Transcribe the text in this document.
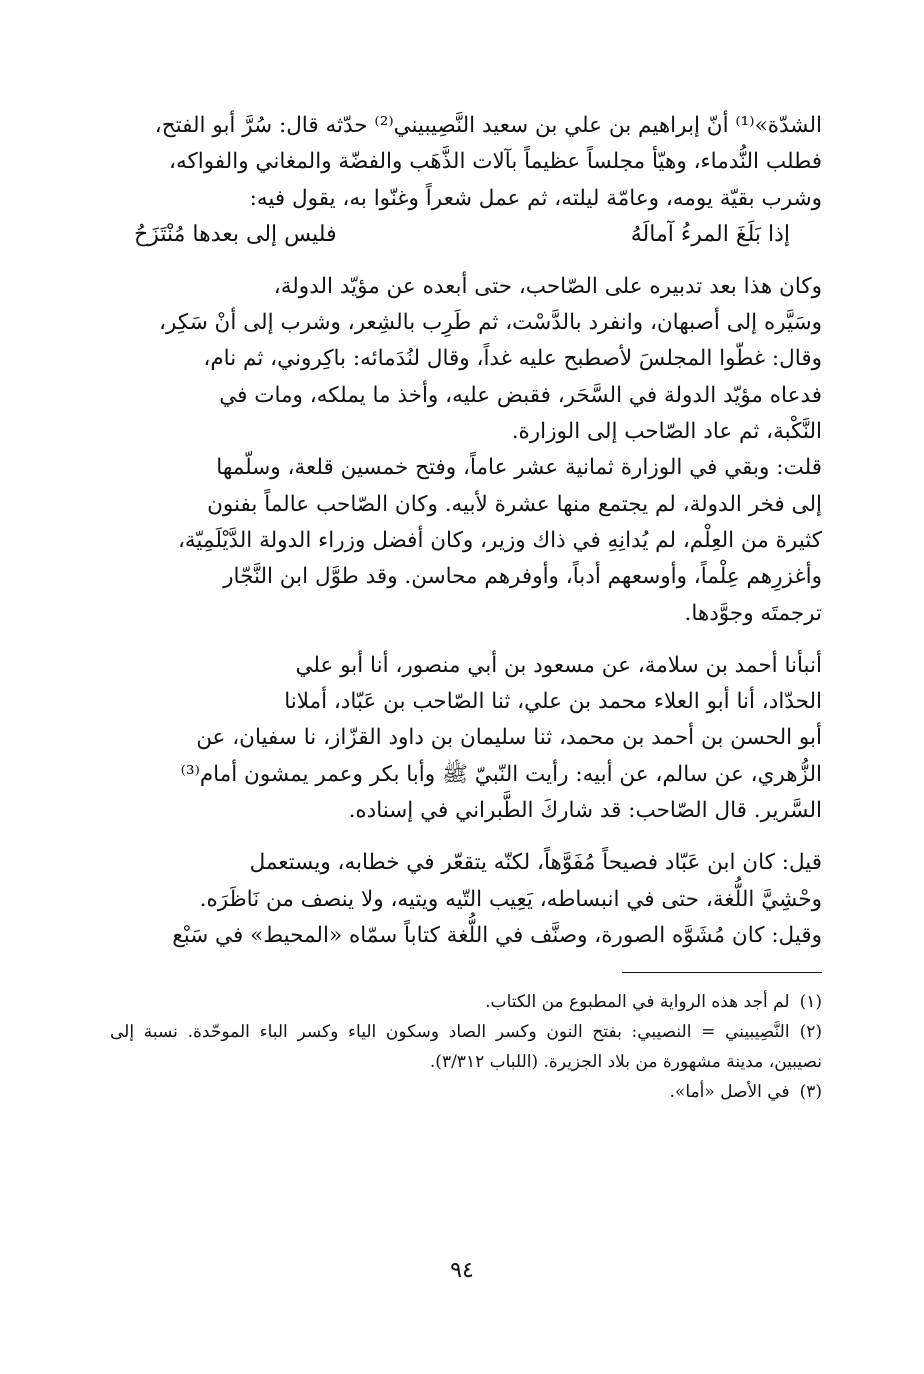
الشدّة»⁽¹⁾ أنّ إبراهيم بن علي بن سعيد النَّصِيبيني⁽²⁾ حدّثه قال: سُرَّ أبو الفتح،
فطلب النُّدماء، وهيّأ مجلساً عظيماً بآلات الذَّهَب والفضّة والمغاني والفواكه،
وشرب بقيّة يومه، وعامّة ليلته، ثم عمل شعراً وغنّوا به، يقول فيه:

إذا بَلَغَ المرءُ آمالَهُ
فليس إلى بعدها مُنْتَزَحُ

وكان هذا بعد تدبيره على الصّاحب، حتى أبعده عن مؤيّد الدولة،
وسَيَّره إلى أصبهان، وانفرد بالدَّسْت، ثم طَرِب بالشِعر، وشرب إلى أنْ سَكِر،
وقال: غطّوا المجلسَ لأصطبح عليه غداً، وقال لنُدَمائه: باكِروني، ثم نام،
فدعاه مؤيّد الدولة في السَّحَر، فقبض عليه، وأخذ ما يملكه، ومات في
النَّكْبة، ثم عاد الصّاحب إلى الوزارة.

قلت: وبقي في الوزارة ثمانية عشر عاماً، وفتح خمسين قلعة، وسلّمها
إلى فخر الدولة، لم يجتمع منها عشرة لأبيه. وكان الصّاحب عالماً بفنون
كثيرة من العِلْم، لم يُدانِهِ في ذاك وزير، وكان أفضل وزراء الدولة الدَّيْلَمِيّة،
وأغزرِهم عِلْماً، وأوسعهم أدباً، وأوفرهم محاسن. وقد طوَّل ابن النَّجّار
ترجمتَه وجوَّدها.

أنبأنا أحمد بن سلامة، عن مسعود بن أبي منصور، أنا أبو علي
الحدّاد، أنا أبو العلاء محمد بن علي، ثنا الصّاحب بن عَبّاد، أملانا
أبو الحسن بن أحمد بن محمد، ثنا سليمان بن داود القزّاز، نا سفيان، عن
الزُّهري، عن سالم، عن أبيه: رأيت النّبيّ ﷺ وأبا بكر وعمر يمشون أمام⁽³⁾
السَّرير. قال الصّاحب: قد شاركَ الطَّبراني في إسناده.

قيل: كان ابن عَبّاد فصيحاً مُفَوَّهاً، لكنّه يتقعّر في خطابه، ويستعمل
وحْشِيَّ اللُّغة، حتى في انبساطه، يَعِيب التّيه ويتيه، ولا ينصف من نَاظَرَه.
وقيل: كان مُشَوَّه الصورة، وصنَّف في اللُّغة كتاباً سمّاه «المحيط» في سَبْع

(١)لم أجد هذه الرواية في المطبوع من الكتاب.
(٢)النَّصِيبيني = النصيبي: بفتح النون وكسر الصاد وسكون الياء وكسر الباء الموحّدة. نسبة إلى نصيبين، مدينة مشهورة من بلاد الجزيرة. (اللباب ٣/٣١٢).
(٣)في الأصل «أما».
٩٤
